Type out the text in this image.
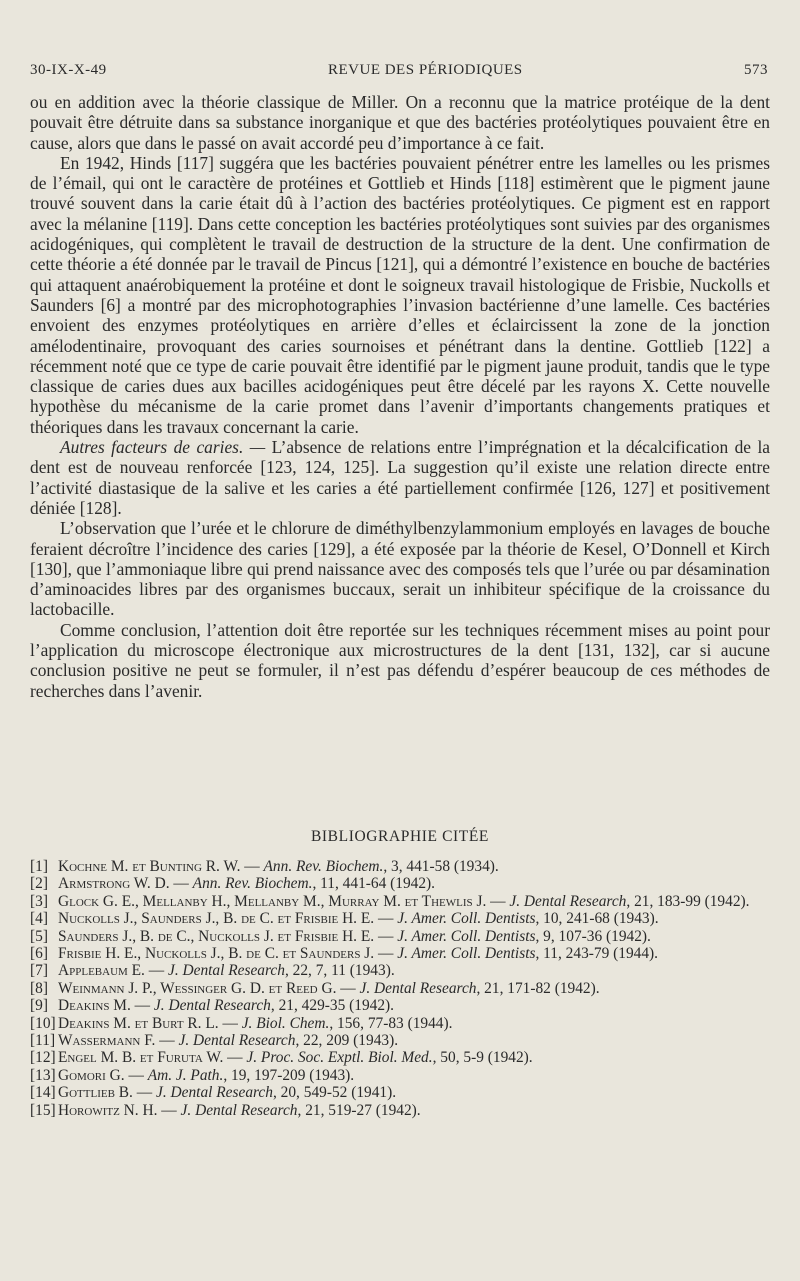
30-IX-X-49	REVUE DES PÉRIODIQUES	573

ou en addition avec la théorie classique de Miller. On a reconnu que la matrice protéique de la dent pouvait être détruite dans sa substance inorganique et que des bactéries protéolytiques pouvaient être en cause, alors que dans le passé on avait accordé peu d’importance à ce fait.

En 1942, Hinds [117] suggéra que les bactéries pouvaient pénétrer entre les lamelles ou les prismes de l’émail, qui ont le caractère de protéines et Gottlieb et Hinds [118] estimèrent que le pigment jaune trouvé souvent dans la carie était dû à l’action des bactéries protéolytiques. Ce pigment est en rapport avec la mélanine [119]. Dans cette conception les bactéries protéolytiques sont suivies par des organismes acidogéniques, qui complètent le travail de destruction de la structure de la dent. Une confirmation de cette théorie a été donnée par le travail de Pincus [121], qui a démontré l’existence en bouche de bactéries qui attaquent anaérobiquement la protéine et dont le soigneux travail histologique de Frisbie, Nuckolls et Saunders [6] a montré par des microphotographies l’invasion bactérienne d’une lamelle. Ces bactéries envoient des enzymes protéolytiques en arrière d’elles et éclaircissent la zone de la jonction amélodentinaire, provoquant des caries sournoises et pénétrant dans la dentine. Gottlieb [122] a récemment noté que ce type de carie pouvait être identifié par le pigment jaune produit, tandis que le type classique de caries dues aux bacilles acidogéniques peut être décelé par les rayons X. Cette nouvelle hypothèse du mécanisme de la carie promet dans l’avenir d’importants changements pratiques et théoriques dans les travaux concernant la carie.

Autres facteurs de caries. — L’absence de relations entre l’imprégnation et la décalcification de la dent est de nouveau renforcée [123, 124, 125]. La suggestion qu’il existe une relation directe entre l’activité diastasique de la salive et les caries a été partiellement confirmée [126, 127] et positivement déniée [128].

L’observation que l’urée et le chlorure de diméthylbenzylammonium employés en lavages de bouche feraient décroître l’incidence des caries [129], a été exposée par la théorie de Kesel, O’Donnell et Kirch [130], que l’ammoniaque libre qui prend naissance avec des composés tels que l’urée ou par désamination d’aminoacides libres par des organismes buccaux, serait un inhibiteur spécifique de la croissance du lactobacille.

Comme conclusion, l’attention doit être reportée sur les techniques récemment mises au point pour l’application du microscope électronique aux microstructures de la dent [131, 132], car si aucune conclusion positive ne peut se formuler, il n’est pas défendu d’espérer beaucoup de ces méthodes de recherches dans l’avenir.

BIBLIOGRAPHIE CITÉE
[1] Kochne M. et Bunting R. W. — Ann. Rev. Biochem., 3, 441-58 (1934).
[2] Armstrong W. D. — Ann. Rev. Biochem., 11, 441-64 (1942).
[3] Glock G. E., Mellanby H., Mellanby M., Murray M. et Thewlis J. — J. Dental Research, 21, 183-99 (1942).
[4] Nuckolls J., Saunders J., B. de C. et Frisbie H. E. — J. Amer. Coll. Dentists, 10, 241-68 (1943).
[5] Saunders J., B. de C., Nuckolls J. et Frisbie H. E. — J. Amer. Coll. Dentists, 9, 107-36 (1942).
[6] Frisbie H. E., Nuckolls J., B. de C. et Saunders J. — J. Amer. Coll. Dentists, 11, 243-79 (1944).
[7] Applebaum E. — J. Dental Research, 22, 7, 11 (1943).
[8] Weinmann J. P., Wessinger G. D. et Reed G. — J. Dental Research, 21, 171-82 (1942).
[9] Deakins M. — J. Dental Research, 21, 429-35 (1942).
[10] Deakins M. et Burt R. L. — J. Biol. Chem., 156, 77-83 (1944).
[11] Wassermann F. — J. Dental Research, 22, 209 (1943).
[12] Engel M. B. et Furuta W. — J. Proc. Soc. Exptl. Biol. Med., 50, 5-9 (1942).
[13] Gomori G. — Am. J. Path., 19, 197-209 (1943).
[14] Gottlieb B. — J. Dental Research, 20, 549-52 (1941).
[15] Horowitz N. H. — J. Dental Research, 21, 519-27 (1942).
